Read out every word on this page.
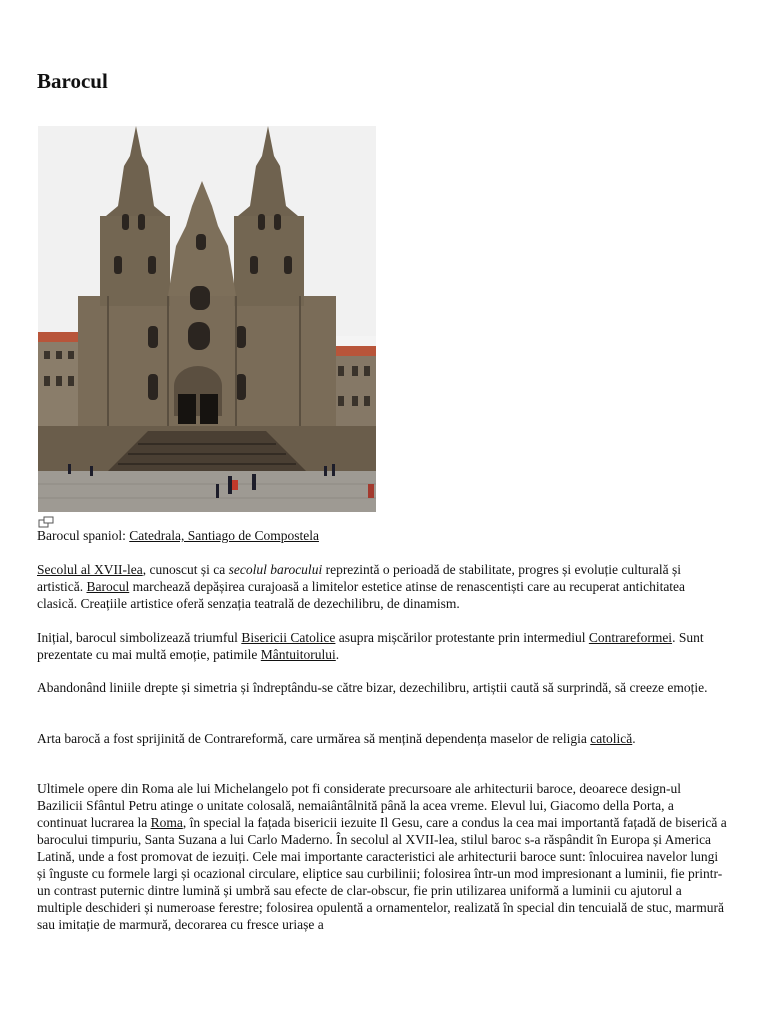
Barocul
Barocul spaniol: Catedrala, Santiago de Compostela

Secolul al XVII-lea, cunoscut și ca secolul barocului reprezintă o perioadă de stabilitate, progres și evoluție culturală și artistică. Barocul marchează depășirea curajoasă a limitelor estetice atinse de renascentiști care au recuperat antichitatea clasică. Creațiile artistice oferă senzația teatrală de dezechilibru, de dinamism.

Inițial, barocul simbolizează triumful Bisericii Catolice asupra mișcărilor protestante prin intermediul Contrareformei. Sunt prezentate cu mai multă emoție, patimile Mântuitorului.

Abandonând liniile drepte și simetria și îndreptându-se către bizar, dezechilibru, artiștii caută să surprindă, să creeze emoție.

Arta barocă a fost sprijinită de Contrareformă, care urmărea să mențină dependența maselor de religia catolică.

Ultimele opere din Roma ale lui Michelangelo pot fi considerate precursoare ale arhitecturii baroce, deoarece design-ul Bazilicii Sfântul Petru atinge o unitate colosală, nemaiântâlnită până la acea vreme. Elevul lui, Giacomo della Porta, a continuat lucrarea la Roma, în special la fațada bisericii iezuite Il Gesu, care a condus la cea mai importantă fațadă de biserică a barocului timpuriu, Santa Suzana a lui Carlo Maderno. În secolul al XVII-lea, stilul baroc s-a răspândit în Europa și America Latină, unde a fost promovat de iezuiți. Cele mai importante caracteristici ale arhitecturii baroce sunt: înlocuirea navelor lungi și înguste cu formele largi și ocazional circulare, eliptice sau curbilinii; folosirea într-un mod impresionant a luminii, fie printr-un contrast puternic dintre lumină și umbră sau efecte de clar-obscur, fie prin utilizarea uniformă a luminii cu ajutorul a multiple deschideri și numeroase ferestre; folosirea opulentă a ornamentelor, realizată în special din tencuială de stuc, marmură sau imitație de marmură, decorarea cu fresce uriașe a
